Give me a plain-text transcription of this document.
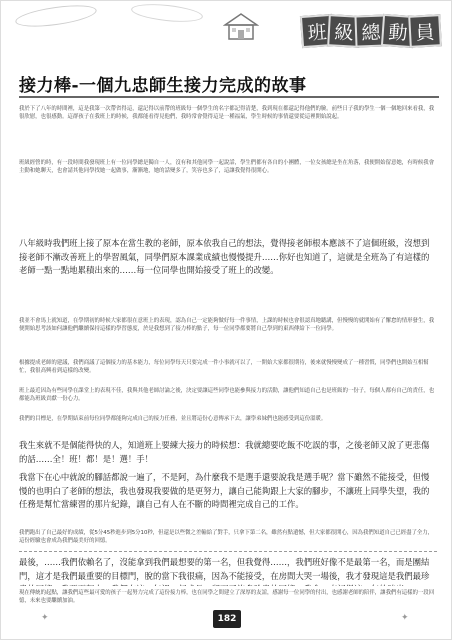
班 級 總 動 員
接力棒-一個九忠師生接力完成的故事
我於下了八年的時間裡，這是我第一次帶省得這，還記得以前帶的班級每一個學生的名字都記得清楚，我到現在都還記得他們的臉。前些日子我的學生一個一個地回來看我，我很欣慰，也很感動。這群孩子在我班上的時候，我都能看得見他們，我時常會覺得這是一種福氣，學生時候的事情還要從這裡開始說起。
班級經營的時，有一段時間我發現班上有一位同學總是獨自一人，沒有和其他同學一起說話，學生們都有各自的小團體，一位女孩總是坐在角落，我便開始留意她，有時候我會主動和她聊天，也會請其他同學找她一起做事，漸漸地，她的話變多了，笑容也多了，這讓我覺得很開心。
八年級時我們班上接了原本在當生教的老師，原本依我自己的想法，覺得接老師根本應該不了這個班級，沒想到接老師不漸改善班上的學習風氣，同學們原本課業成績也慢慢提升……你好也知道了，這就是全班為了有這樣的老師一點一點地累積出來的……每一位同學也開始接受了班上的改變。
我並不會馬上就知道，在學期初的時候大家都很在意班上的表現，認為自己一定能夠做好每一件事情，上課的時候也會很認真地聽講，但慢慢的就開始有了懈怠的情形發生，我便開始思考該如何讓他們繼續保持這樣的學習態度，於是我想到了接力棒的點子，每一位同學都要將自己學到的東西傳給下一位同學。
根據提成老師的建議，我們商議了這個接力的基本能力，每位同學每天只要完成一件小事就可以了，一開始大家都很期待，後來就慢慢變成了一種習慣，同學們也開始互相幫忙，我很高興看到這樣的改變。
班上最近因為有些同學在課堂上的表現不佳，我與其他老師討論之後，決定要讓這些同學也能參與接力的活動，讓他們知道自己也是班級的一份子，每個人都有自己的責任，也都能為班級貢獻一份心力。
我們的目標是，在學期結束前每位同學都能夠完成自己的接力任務，並且將這份心意傳承下去，讓學弟妹們也能感受到這份溫暖。
我生來就不是個能得快的人，知道班上要練大接力的時候想：我就總要吃飯不吃誤的事，之後老師又說了更悲傷的話……全！班！都！是！選！手！
我當下在心中就說的腳話都說一遍了，不是阿，為什麼我不是選手還要說我是選手呢？當下雖然不能接受，但慢慢的也明白了老師的想法，我也發現我要做的是更努力，讓自己能夠跟上大家的腳步，不讓班上同學失望，我的任務是幫忙當練習的那片紀錄，讓自己有人在不斷的時間裡完成自己的工作。
我們跑出了自己最好的成績，從5分45秒進步到5分10秒，但還是以些微之差輸給了對手，只拿下第二名，雖然有點遺憾，但大家都很開心，因為我們知道自己已經盡了全力，這份經驗也會成為我們最美好的回憶。
最後，……我們依賴名了，沒能拿到我們最想要的第一名，但我覺得……，我們班好像不是最第一名，而是團結門，這才是我們最重要的目標門，脫的當下我很痛，因為不能接受，在房間大哭一場後，我才發現這是我們最珍
現在傳統的起點，讓我們這些最可愛的孩子一起努力完成了這份接力棒，也在同學之間建立了深厚的友誼，感謝每一位同學的付出，也感謝老師的陪伴，讓我們有這樣的一段回憶，未來也要繼續加油。
✦	✦
182
